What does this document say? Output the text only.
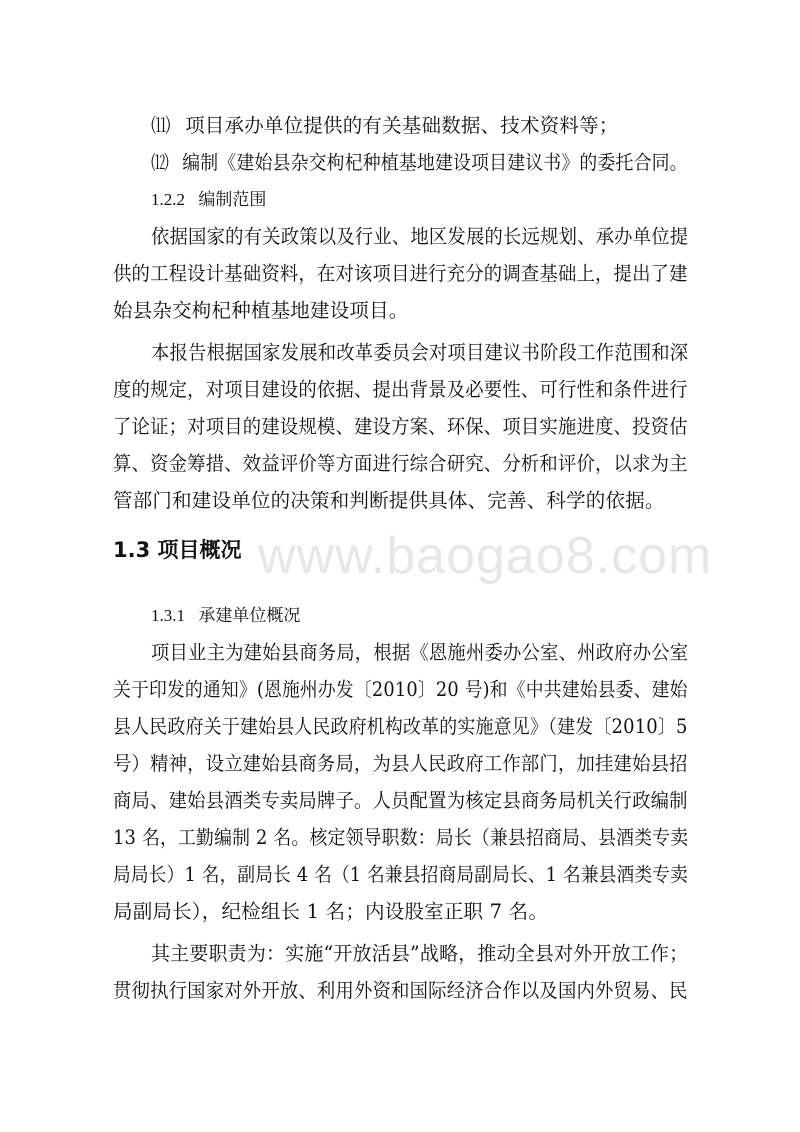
www.baogao8.com
⑾ 项目承办单位提供的有关基础数据、技术资料等；
⑿ 编制《建始县杂交枸杞种植基地建设项目建议书》的委托合同。
1.2.2 编制范围
依据国家的有关政策以及行业、地区发展的长远规划、承办单位提
供的工程设计基础资料，在对该项目进行充分的调查基础上，提出了建
始县杂交枸杞种植基地建设项目。
本报告根据国家发展和改革委员会对项目建议书阶段工作范围和深
度的规定，对项目建设的依据、提出背景及必要性、可行性和条件进行
了论证；对项目的建设规模、建设方案、环保、项目实施进度、投资估
算、资金筹措、效益评价等方面进行综合研究、分析和评价，以求为主
管部门和建设单位的决策和判断提供具体、完善、科学的依据。
1.3 项目概况
1.3.1 承建单位概况
项目业主为建始县商务局，根据《恩施州委办公室、州政府办公室
关于印发的通知》(恩施州办发〔2010〕20 号)和《中共建始县委、建始
县人民政府关于建始县人民政府机构改革的实施意见》（建发〔2010〕5
号）精神，设立建始县商务局，为县人民政府工作部门，加挂建始县招
商局、建始县酒类专卖局牌子。人员配置为核定县商务局机关行政编制
13 名，工勤编制 2 名。核定领导职数：局长（兼县招商局、县酒类专卖
局局长）1 名，副局长 4 名（1 名兼县招商局副局长、1 名兼县酒类专卖
局副局长），纪检组长 1 名；内设股室正职 7 名。
其主要职责为：实施“开放活县”战略，推动全县对外开放工作；
贯彻执行国家对外开放、利用外资和国际经济合作以及国内外贸易、民
